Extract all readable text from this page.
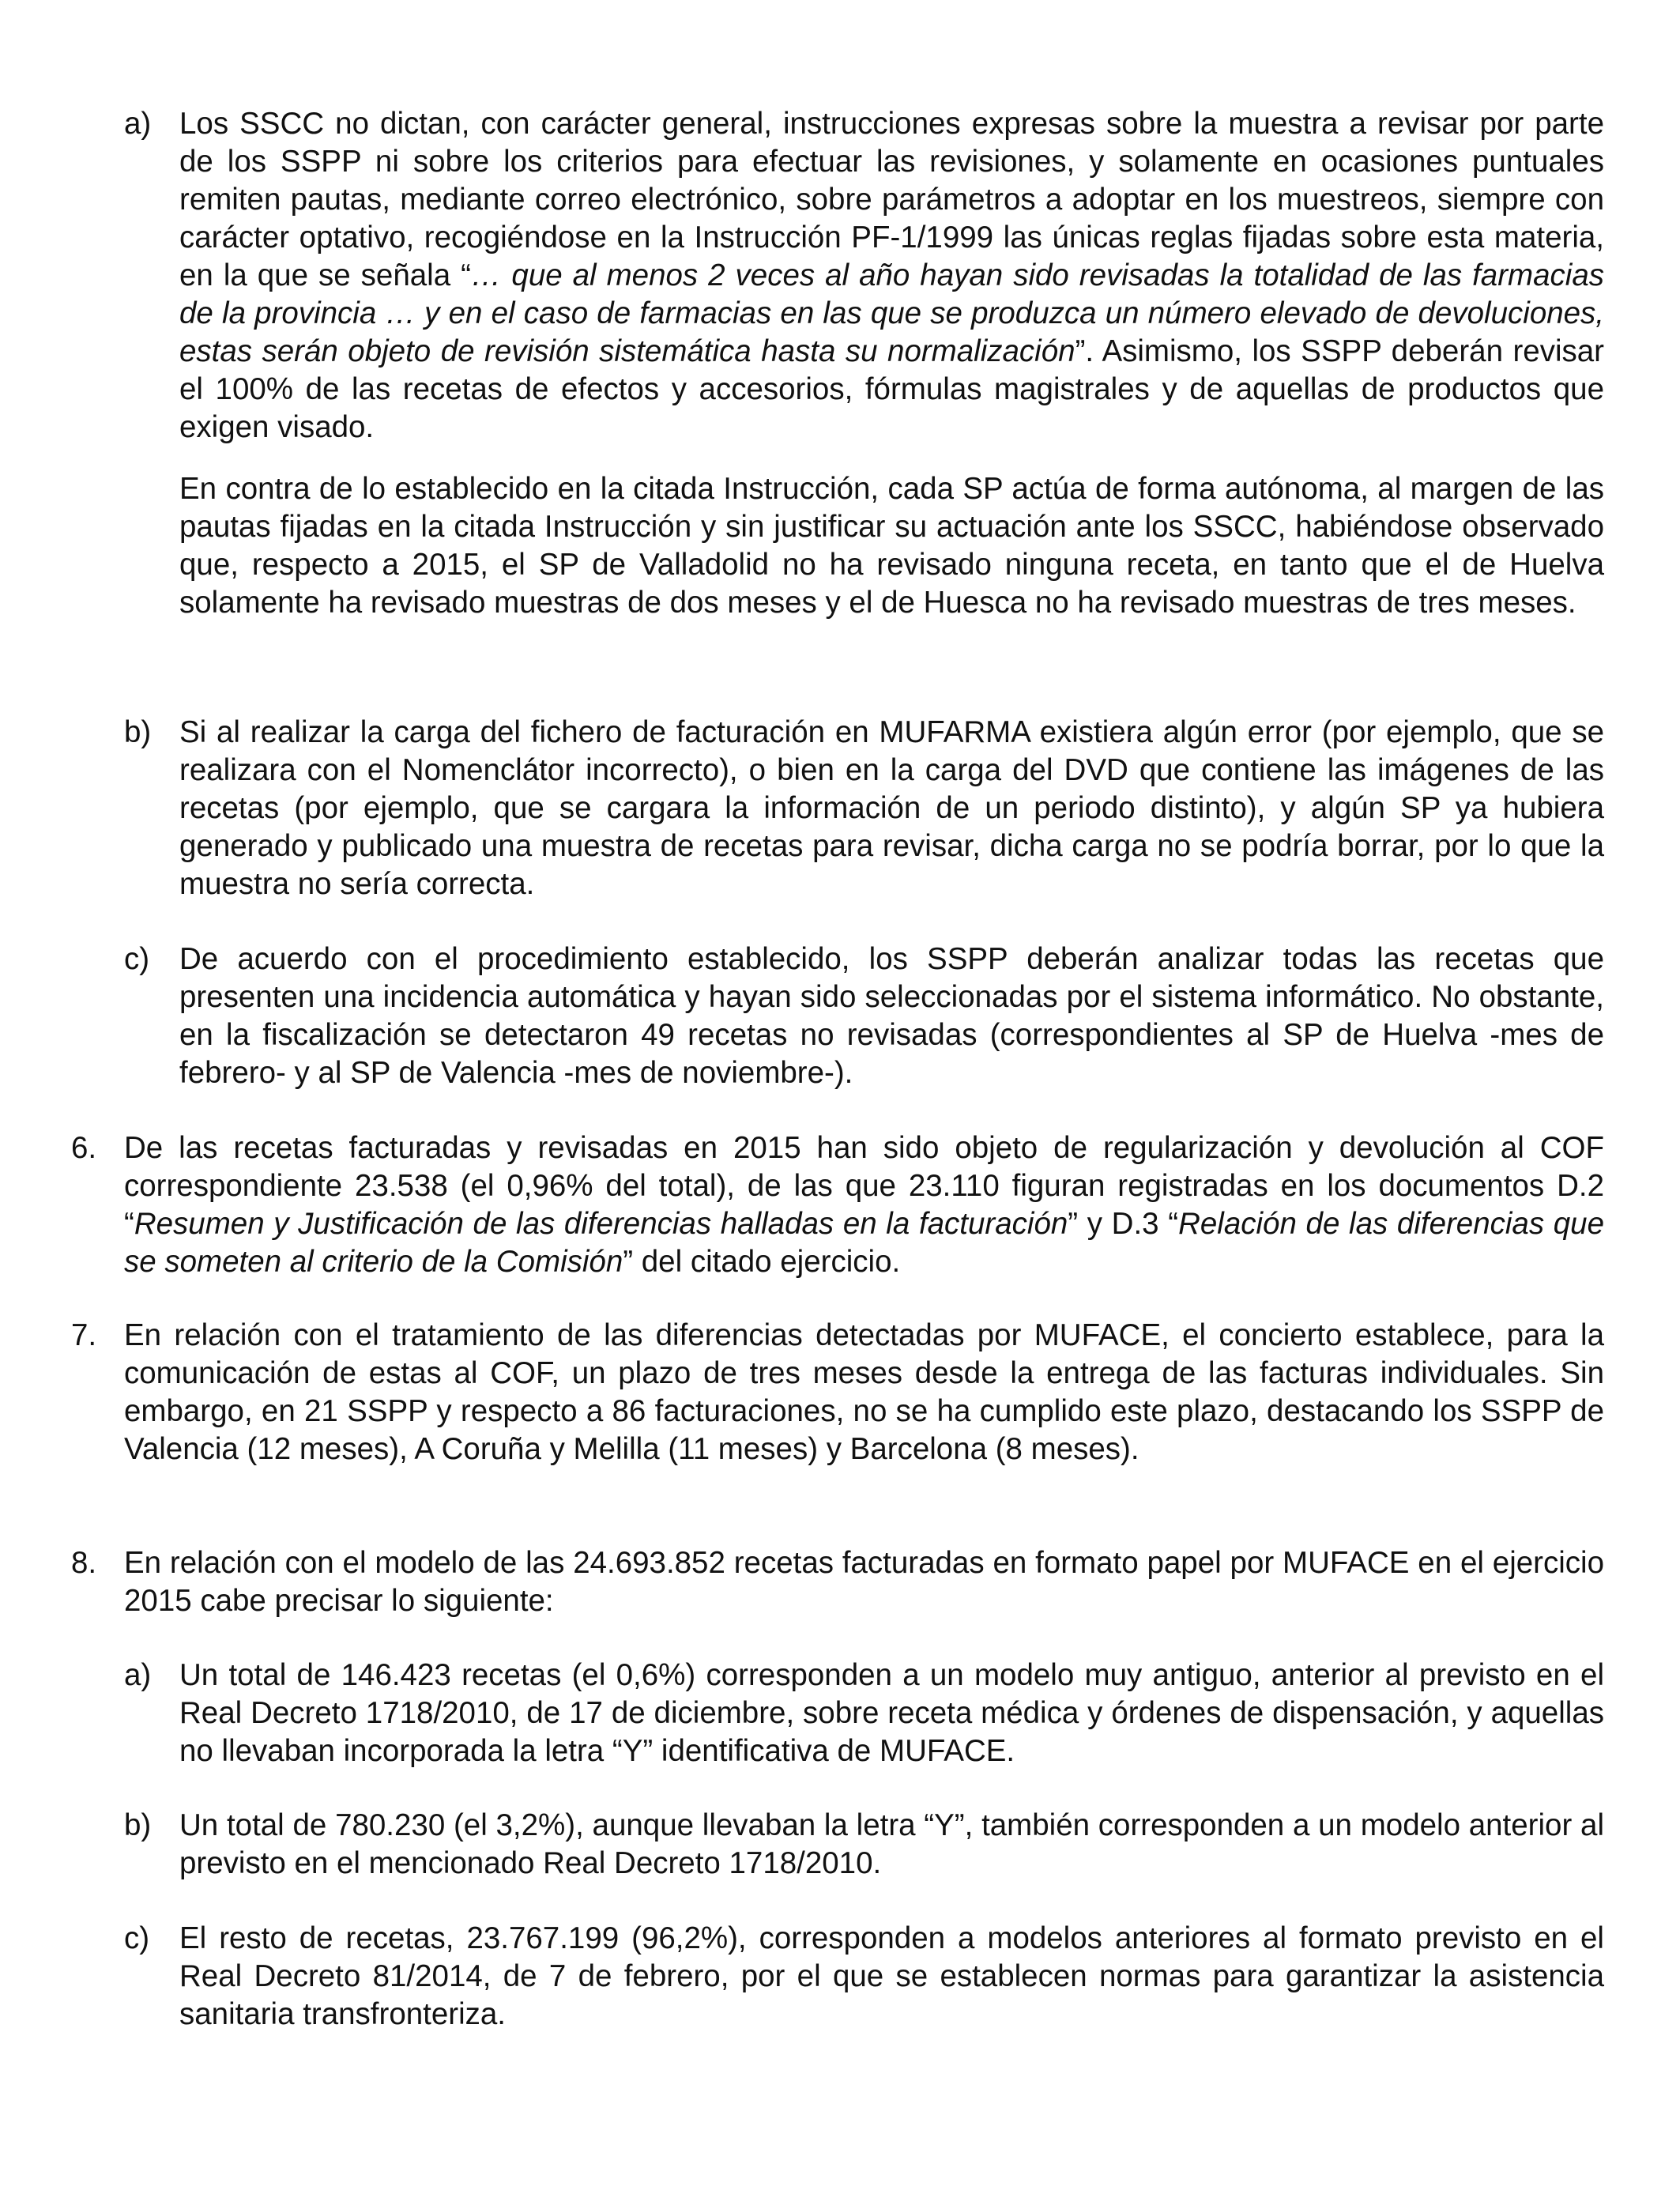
a) Los SSCC no dictan, con carácter general, instrucciones expresas sobre la muestra a revisar por parte de los SSPP ni sobre los criterios para efectuar las revisiones, y solamente en ocasiones puntuales remiten pautas, mediante correo electrónico, sobre parámetros a adoptar en los muestreos, siempre con carácter optativo, recogiéndose en la Instrucción PF-1/1999 las únicas reglas fijadas sobre esta materia, en la que se señala “… que al menos 2 veces al año hayan sido revisadas la totalidad de las farmacias de la provincia … y en el caso de farmacias en las que se produzca un número elevado de devoluciones, estas serán objeto de revisión sistemática hasta su normalización”. Asimismo, los SSPP deberán revisar el 100% de las recetas de efectos y accesorios, fórmulas magistrales y de aquellas de productos que exigen visado.

En contra de lo establecido en la citada Instrucción, cada SP actúa de forma autónoma, al margen de las pautas fijadas en la citada Instrucción y sin justificar su actuación ante los SSCC, habiéndose observado que, respecto a 2015, el SP de Valladolid no ha revisado ninguna receta, en tanto que el de Huelva solamente ha revisado muestras de dos meses y el de Huesca no ha revisado muestras de tres meses.

b) Si al realizar la carga del fichero de facturación en MUFARMA existiera algún error (por ejemplo, que se realizara con el Nomenclátor incorrecto), o bien en la carga del DVD que contiene las imágenes de las recetas (por ejemplo, que se cargara la información de un periodo distinto), y algún SP ya hubiera generado y publicado una muestra de recetas para revisar, dicha carga no se podría borrar, por lo que la muestra no sería correcta.

c) De acuerdo con el procedimiento establecido, los SSPP deberán analizar todas las recetas que presenten una incidencia automática y hayan sido seleccionadas por el sistema informático. No obstante, en la fiscalización se detectaron 49 recetas no revisadas (correspondientes al SP de Huelva -mes de febrero- y al SP de Valencia -mes de noviembre-).

6. De las recetas facturadas y revisadas en 2015 han sido objeto de regularización y devolución al COF correspondiente 23.538 (el 0,96% del total), de las que 23.110 figuran registradas en los documentos D.2 “Resumen y Justificación de las diferencias halladas en la facturación” y D.3 “Relación de las diferencias que se someten al criterio de la Comisión” del citado ejercicio.

7. En relación con el tratamiento de las diferencias detectadas por MUFACE, el concierto establece, para la comunicación de estas al COF, un plazo de tres meses desde la entrega de las facturas individuales. Sin embargo, en 21 SSPP y respecto a 86 facturaciones, no se ha cumplido este plazo, destacando los SSPP de Valencia (12 meses), A Coruña y Melilla (11 meses) y Barcelona (8 meses).

8. En relación con el modelo de las 24.693.852 recetas facturadas en formato papel por MUFACE en el ejercicio 2015 cabe precisar lo siguiente:

a) Un total de 146.423 recetas (el 0,6%) corresponden a un modelo muy antiguo, anterior al previsto en el Real Decreto 1718/2010, de 17 de diciembre, sobre receta médica y órdenes de dispensación, y aquellas no llevaban incorporada la letra “Y” identificativa de MUFACE.

b) Un total de 780.230 (el 3,2%), aunque llevaban la letra “Y”, también corresponden a un modelo anterior al previsto en el mencionado Real Decreto 1718/2010.

c) El resto de recetas, 23.767.199 (96,2%), corresponden a modelos anteriores al formato previsto en el Real Decreto 81/2014, de 7 de febrero, por el que se establecen normas para garantizar la asistencia sanitaria transfronteriza.
